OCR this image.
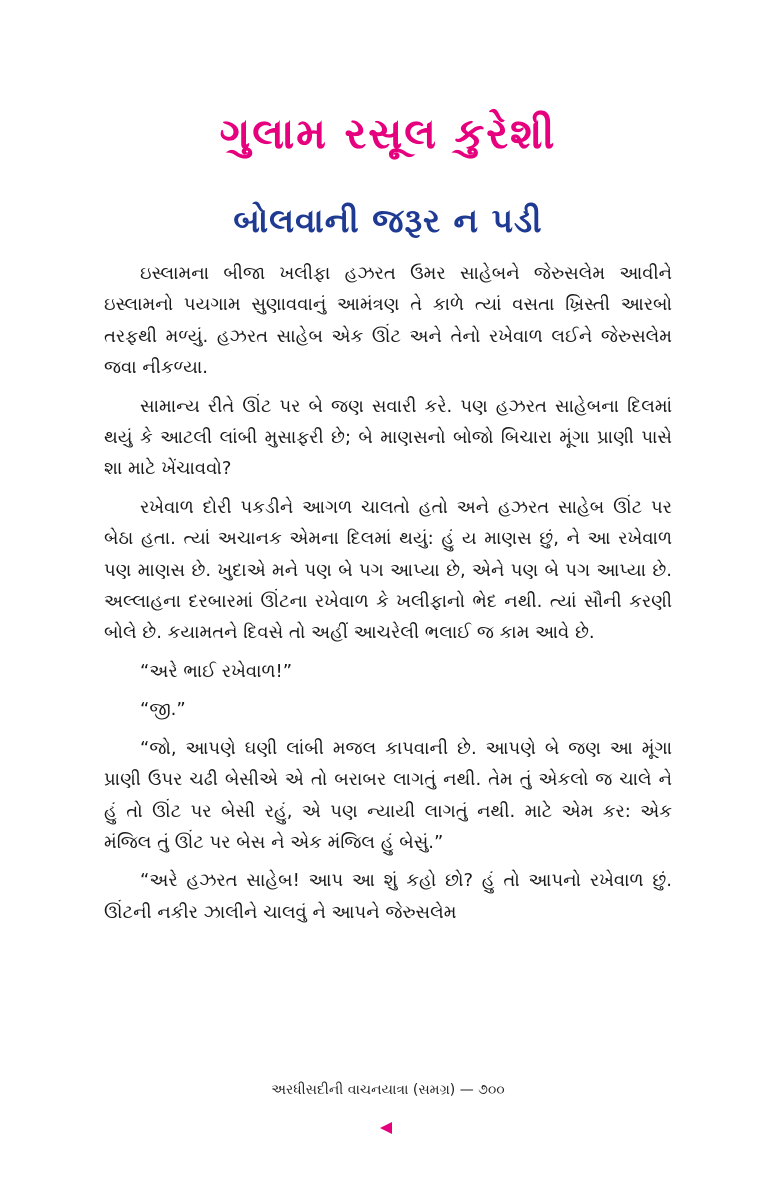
ગુલામ રસૂલ કુરેશી
બોલવાની જરૂર ન પડી

ઇસ્લામના બીજા ખલીફા હઝરત ઉમર સાહેબને જેરુસલેમ આવીને ઇસ્લામનો પયગામ સુણાવવાનું આમંત્રણ તે કાળે ત્યાં વસતા ખ્રિસ્તી આરબો તરફથી મળ્યું. હઝરત સાહેબ એક ઊંટ અને તેનો રખેવાળ લઈને જેરુસલેમ જવા નીકળ્યા.

સામાન્ય રીતે ઊંટ પર બે જણ સવારી કરે. પણ હઝરત સાહેબના દિલમાં થયું કે આટલી લાંબી મુસાફરી છે; બે માણસનો બોજો બિચારા મૂંગા પ્રાણી પાસે શા માટે ખેંચાવવો?

રખેવાળ દોરી પકડીને આગળ ચાલતો હતો અને હઝરત સાહેબ ઊંટ પર બેઠા હતા. ત્યાં અચાનક એમના દિલમાં થયું: હું ય માણસ છું, ને આ રખેવાળ પણ માણસ છે. ખુદાએ મને પણ બે પગ આપ્યા છે, એને પણ બે પગ આપ્યા છે. અલ્લાહના દરબારમાં ઊંટના રખેવાળ કે ખલીફાનો ભેદ નથી. ત્યાં સૌની કરણી બોલે છે. કયામતને દિવસે તો અહીં આચરેલી ભલાઈ જ કામ આવે છે.

“અરે ભાઈ રખેવાળ!”

“જી.”

“જો, આપણે ઘણી લાંબી મજલ કાપવાની છે. આપણે બે જણ આ મૂંગા પ્રાણી ઉપર ચઢી બેસીએ એ તો બરાબર લાગતું નથી. તેમ તું એકલો જ ચાલે ને હું તો ઊંટ પર બેસી રહું, એ પણ ન્યાયી લાગતું નથી. માટે એમ કર: એક મંજિલ તું ઊંટ પર બેસ ને એક મંજિલ હું બેસું.”

“અરે હઝરત સાહેબ! આપ આ શું કહો છો? હું તો આપનો રખેવાળ છું. ઊંટની નકીર ઝાલીને ચાલવું ને આપને જેરુસલેમ

અરધીસદીની વાચનયાત્રા (સમગ્ર) — ૭૦૦
